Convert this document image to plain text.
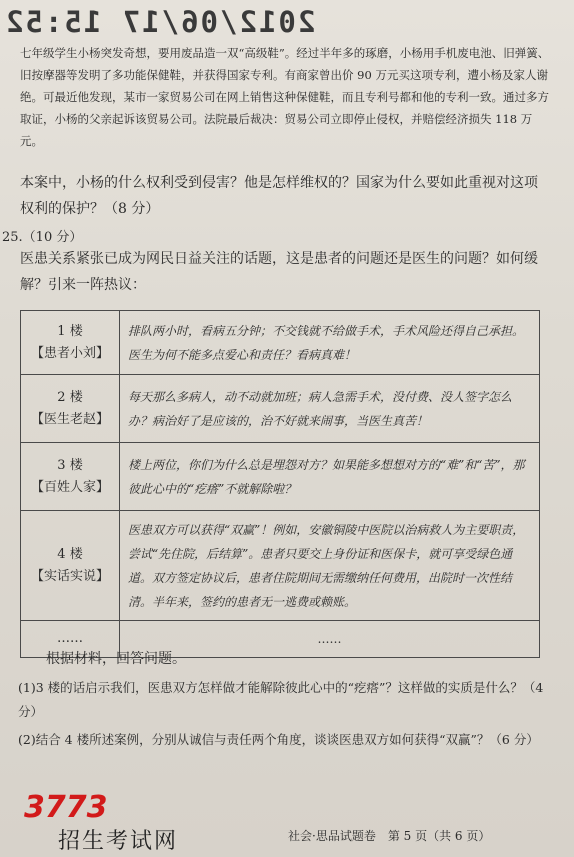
2012/06/17 15:52
七年级学生小杨突发奇想，要用废品造一双“高级鞋”。经过半年多的琢磨，小杨用手机废电池、旧弹簧、旧按摩器等发明了多功能保健鞋，并获得国家专利。有商家曾出价 90 万元买这项专利，遭小杨及家人谢绝。可最近他发现，某市一家贸易公司在网上销售这种保健鞋，而且专利号都和他的专利一致。通过多方取证，小杨的父亲起诉该贸易公司。法院最后裁决：贸易公司立即停止侵权，并赔偿经济损失 118 万元。
本案中，小杨的什么权利受到侵害？他是怎样维权的？国家为什么要如此重视对这项权利的保护？（8 分）
25.（10 分）
医患关系紧张已成为网民日益关注的话题，这是患者的问题还是医生的问题？如何缓解？引来一阵热议：
1 楼
【患者小刘】	排队两小时，看病五分钟；不交钱就不给做手术，手术风险还得自己承担。医生为何不能多点爱心和责任？看病真难！

2 楼
【医生老赵】	每天那么多病人，动不动就加班；病人急需手术，没付费、没人签字怎么办？病治好了是应该的，治不好就来闹事，当医生真苦！

3 楼
【百姓人家】	楼上两位，你们为什么总是埋怨对方？如果能多想想对方的“难”和“苦”，那彼此心中的“疙瘩”不就解除啦？

4 楼
【实话实说】	医患双方可以获得“双赢”！例如，安徽铜陵中医院以治病救人为主要职责，尝试“先住院，后结算”。患者只要交上身份证和医保卡，就可享受绿色通道。双方签定协议后，患者住院期间无需缴纳任何费用，出院时一次性结清。半年来，签约的患者无一逃费或赖账。
……	……
根据材料，回答问题。
(1)3 楼的话启示我们，医患双方怎样做才能解除彼此心中的“疙瘩”？这样做的实质是什么？（4 分）
(2)结合 4 楼所述案例，分别从诚信与责任两个角度，谈谈医患双方如何获得“双赢”？（6 分）
3773
招生考试网	社会·思品试题卷　第 5 页（共 6 页）
